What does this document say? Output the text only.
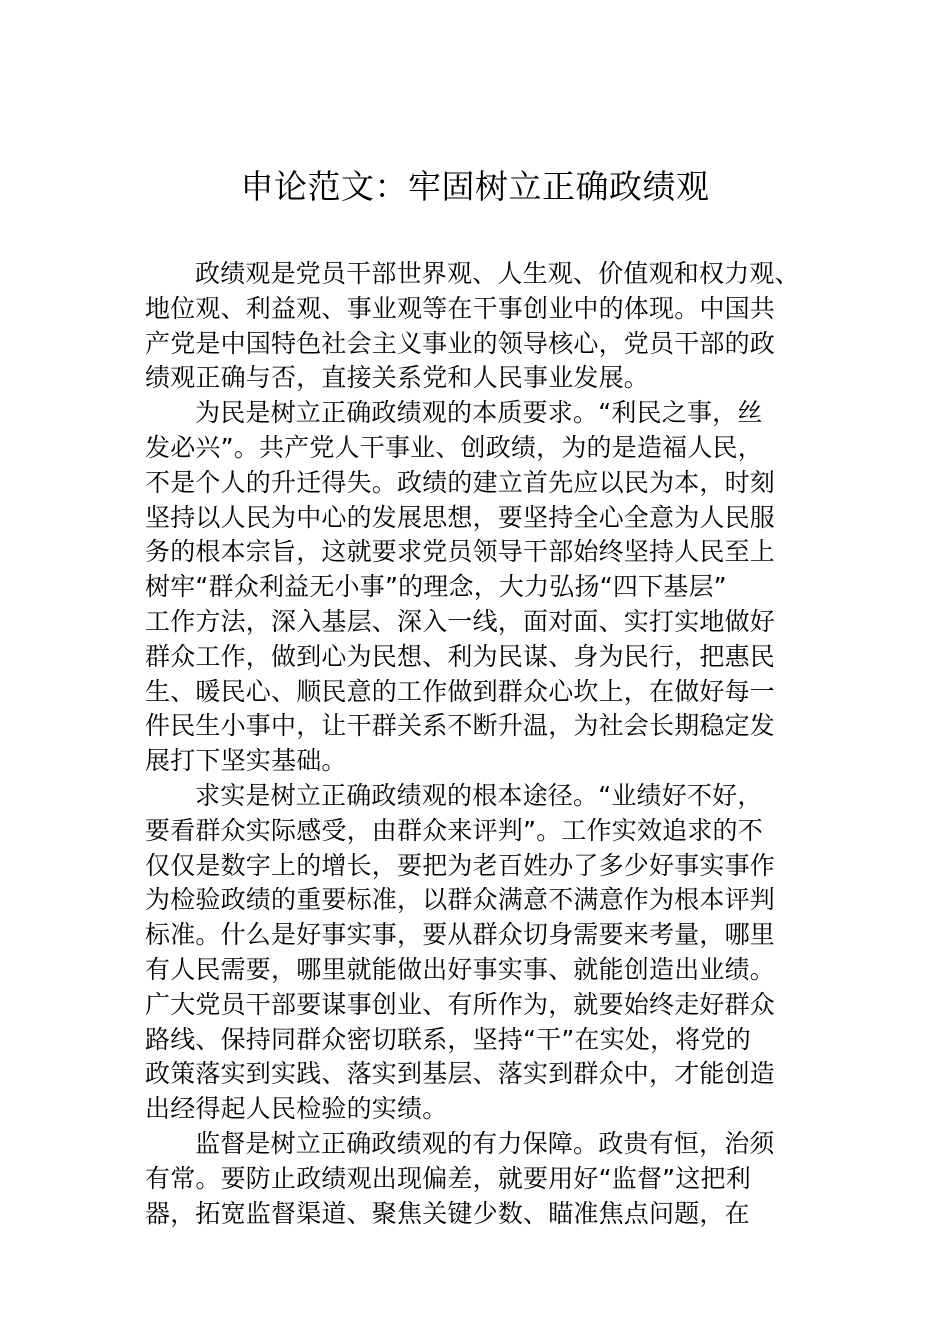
申论范文：牢固树立正确政绩观
政绩观是党员干部世界观、人生观、价值观和权力观、
地位观、利益观、事业观等在干事创业中的体现。中国共
产党是中国特色社会主义事业的领导核心，党员干部的政
绩观正确与否，直接关系党和人民事业发展。
为民是树立正确政绩观的本质要求。“利民之事，丝
发必兴”。共产党人干事业、创政绩，为的是造福人民，
不是个人的升迁得失。政绩的建立首先应以民为本，时刻
坚持以人民为中心的发展思想，要坚持全心全意为人民服
务的根本宗旨，这就要求党员领导干部始终坚持人民至上
树牢“群众利益无小事”的理念，大力弘扬“四下基层”
工作方法，深入基层、深入一线，面对面、实打实地做好
群众工作，做到心为民想、利为民谋、身为民行，把惠民
生、暖民心、顺民意的工作做到群众心坎上，在做好每一
件民生小事中，让干群关系不断升温，为社会长期稳定发
展打下坚实基础。
求实是树立正确政绩观的根本途径。“业绩好不好，
要看群众实际感受，由群众来评判”。工作实效追求的不
仅仅是数字上的增长，要把为老百姓办了多少好事实事作
为检验政绩的重要标准，以群众满意不满意作为根本评判
标准。什么是好事实事，要从群众切身需要来考量，哪里
有人民需要，哪里就能做出好事实事、就能创造出业绩。
广大党员干部要谋事创业、有所作为，就要始终走好群众
路线、保持同群众密切联系，坚持“干”在实处，将党的
政策落实到实践、落实到基层、落实到群众中，才能创造
出经得起人民检验的实绩。
监督是树立正确政绩观的有力保障。政贵有恒，治须
有常。要防止政绩观出现偏差，就要用好“监督”这把利
器，拓宽监督渠道、聚焦关键少数、瞄准焦点问题，在
